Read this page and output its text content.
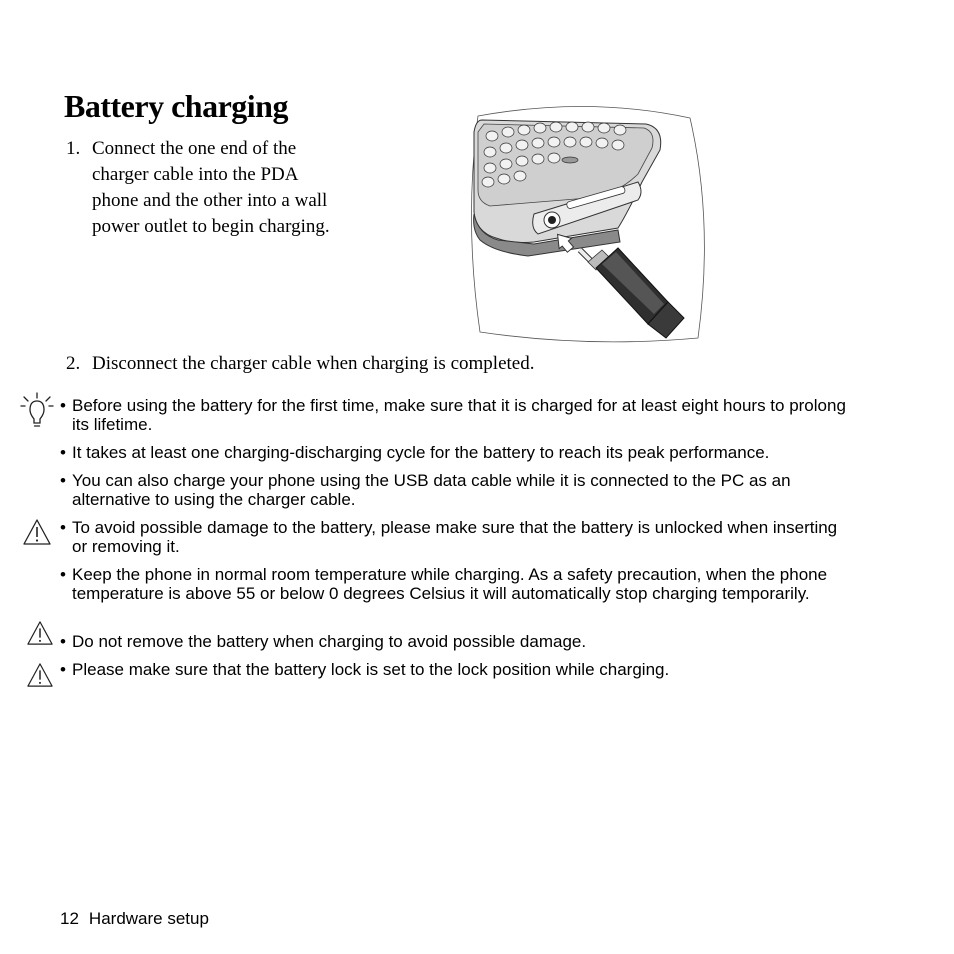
Battery charging
1. Connect the one end of the charger cable into the PDA phone and the other into a wall power outlet to begin charging.
2. Disconnect the charger cable when charging is completed.
• Before using the battery for the first time, make sure that it is charged for at least eight hours to prolong its lifetime.
• It takes at least one charging-discharging cycle for the battery to reach its peak performance.
• You can also charge your phone using the USB data cable while it is connected to the PC as an alternative to using the charger cable.
• To avoid possible damage to the battery, please make sure that the battery is unlocked when inserting or removing it.
• Keep the phone in normal room temperature while charging. As a safety precaution, when the phone temperature is above 55 or below 0 degrees Celsius it will automatically stop charging temporarily.
• Do not remove the battery when charging to avoid possible damage.
• Please make sure that the battery lock is set to the lock position while charging.
12 Hardware setup
